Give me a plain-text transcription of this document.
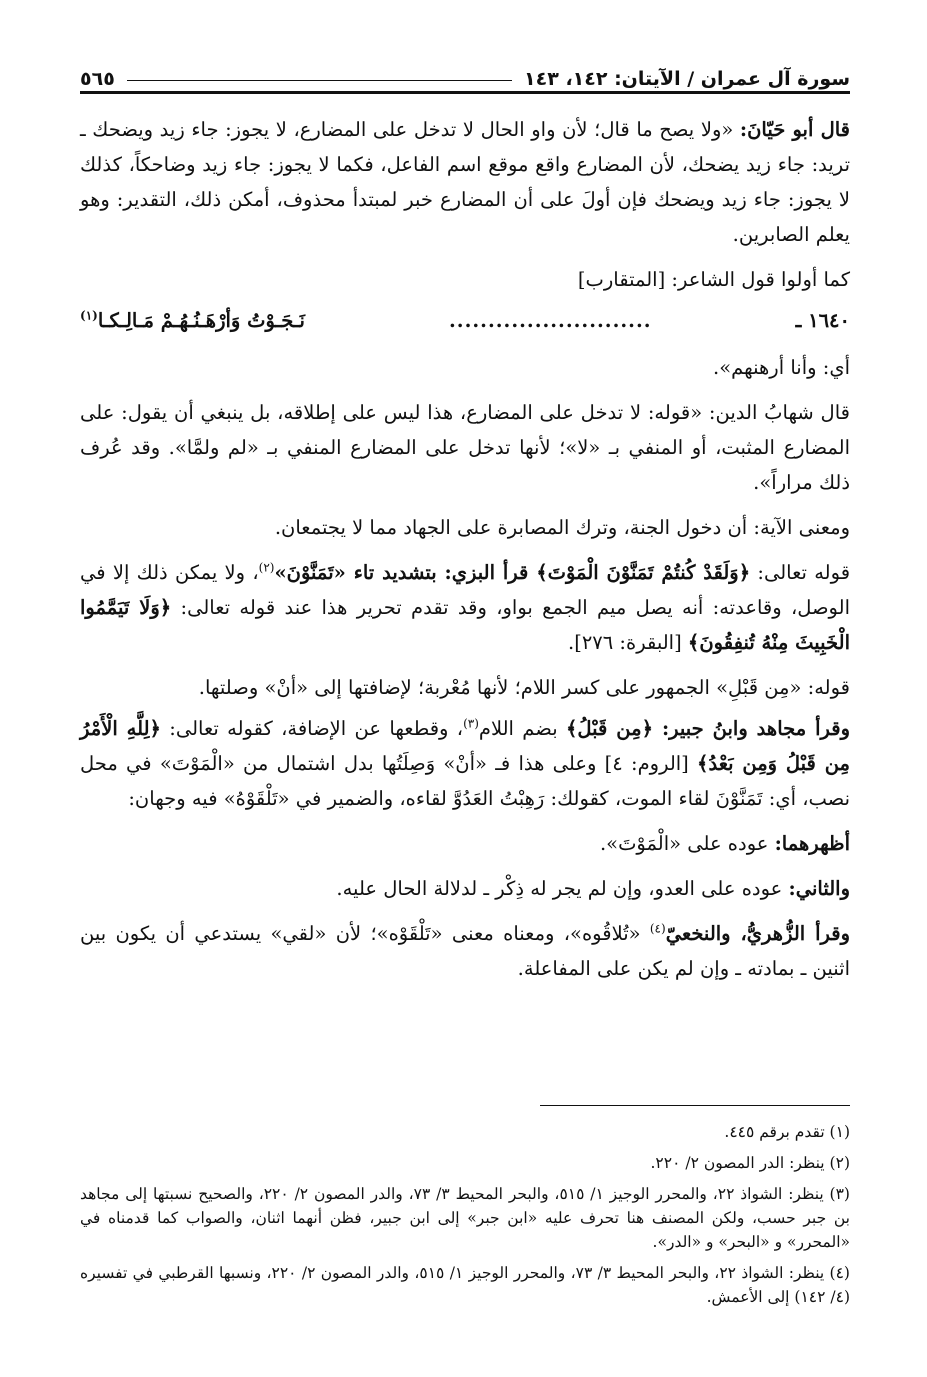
سورة آل عمران / الآيتان: ١٤٢، ١٤٣
٥٦٥

قال أبو حَيّانَ: «ولا يصح ما قال؛ لأن واو الحال لا تدخل على المضارع، لا يجوز: جاء زيد ويضحك ـ تريد: جاء زيد يضحك، لأن المضارع واقع موقع اسم الفاعل، فكما لا يجوز: جاء زيد وضاحكاً، كذلك لا يجوز: جاء زيد ويضحك فإن أولَ على أن المضارع خبر لمبتدأ محذوف، أمكن ذلك، التقدير: وهو يعلم الصابرين.

كما أولوا قول الشاعر: [المتقارب]

١٦٤٠ ـ
..........................
نَـجَـوْتُ وَأرْهَـنُـهُـمْ مَـالِـكـا$^{(١)}$

أي: وأنا أرهنهم».

قال شهابُ الدين: «قوله: لا تدخل على المضارع، هذا ليس على إطلاقه، بل ينبغي أن يقول: على المضارع المثبت، أو المنفي بـ «لا»؛ لأنها تدخل على المضارع المنفي بـ «لم ولمَّا». وقد عُرف ذلك مراراً».

ومعنى الآية: أن دخول الجنة، وترك المصابرة على الجهاد مما لا يجتمعان.

قوله تعالى: ﴿وَلَقَدْ كُنتُمْ تَمَنَّوْنَ الْمَوْتَ﴾ قرأ البزي: بتشديد تاء «تَمَنَّوْنَ»$^{(٢)}$، ولا يمكن ذلك إلا في الوصل، وقاعدته: أنه يصل ميم الجمع بواو، وقد تقدم تحرير هذا عند قوله تعالى: ﴿وَلَا تَيَمَّمُوا الْخَبِيثَ مِنْهُ تُنفِقُونَ﴾ [البقرة: ٢٧٦].

قوله: «مِن قَبْلِ» الجمهور على كسر اللام؛ لأنها مُعْربة؛ لإضافتها إلى «أنْ» وصلتها.

وقرأ مجاهد وابنُ جبير: ﴿مِن قَبْلُ﴾ بضم اللام$^{(٣)}$، وقطعها عن الإضافة، كقوله تعالى: ﴿لِلَّهِ الْأَمْرُ مِن قَبْلُ وَمِن بَعْدُ﴾ [الروم: ٤] وعلى هذا فـ «أنْ» وَصِلَتُها بدل اشتمال من «الْمَوْتَ» في محل نصب، أي: تَمَنَّوْنَ لقاء الموت، كقولك: رَهِبْتُ العَدُوَّ لقاءه، والضمير في «تَلْقَوْهُ» فيه وجهان:

أظهرهما: عوده على «الْمَوْتَ».

والثاني: عوده على العدو، وإن لم يجر له ذِكْر ـ لدلالة الحال عليه.

وقرأ الزُّهريُّ، والنخعيّ$^{(٤)}$ «تُلاقُوه»، ومعناه معنى «تَلْقَوْه»؛ لأن «لقي» يستدعي أن يكون بين اثنين ـ بمادته ـ وإن لم يكن على المفاعلة.

(١) تقدم برقم ٤٤٥.
(٢) ينظر: الدر المصون ٢/ ٢٢٠.
(٣) ينظر: الشواذ ٢٢، والمحرر الوجيز ١/ ٥١٥، والبحر المحيط ٣/ ٧٣، والدر المصون ٢/ ٢٢٠، والصحيح نسبتها إلى مجاهد بن جبر حسب، ولكن المصنف هنا تحرف عليه «ابن جبر» إلى ابن جبير، فظن أنهما اثنان، والصواب كما قدمناه في «المحرر» و «البحر» و «الدر».
(٤) ينظر: الشواذ ٢٢، والبحر المحيط ٣/ ٧٣، والمحرر الوجيز ١/ ٥١٥، والدر المصون ٢/ ٢٢٠، ونسبها القرطبي في تفسيره (٤/ ١٤٢) إلى الأعمش.
